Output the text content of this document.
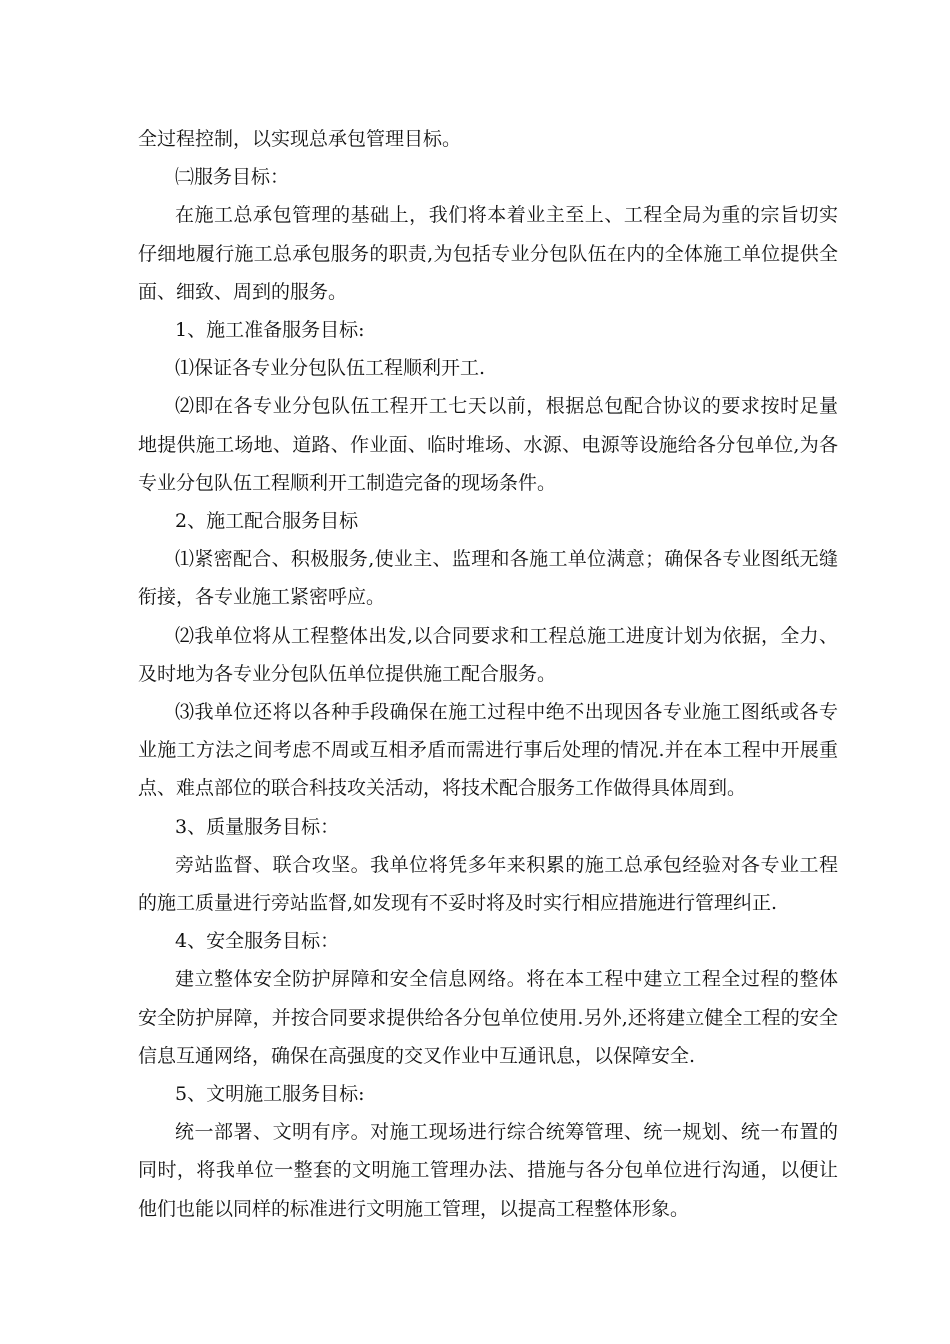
全过程控制，以实现总承包管理目标。

㈡服务目标：

在施工总承包管理的基础上，我们将本着业主至上、工程全局为重的宗旨切实仔细地履行施工总承包服务的职责,为包括专业分包队伍在内的全体施工单位提供全面、细致、周到的服务。

1、施工准备服务目标:

⑴保证各专业分包队伍工程顺利开工.

⑵即在各专业分包队伍工程开工七天以前，根据总包配合协议的要求按时足量地提供施工场地、道路、作业面、临时堆场、水源、电源等设施给各分包单位,为各专业分包队伍工程顺利开工制造完备的现场条件。

2、施工配合服务目标

⑴紧密配合、积极服务,使业主、监理和各施工单位满意；确保各专业图纸无缝衔接，各专业施工紧密呼应。

⑵我单位将从工程整体出发,以合同要求和工程总施工进度计划为依据，全力、及时地为各专业分包队伍单位提供施工配合服务。

⑶我单位还将以各种手段确保在施工过程中绝不出现因各专业施工图纸或各专业施工方法之间考虑不周或互相矛盾而需进行事后处理的情况.并在本工程中开展重点、难点部位的联合科技攻关活动，将技术配合服务工作做得具体周到。

3、质量服务目标：

旁站监督、联合攻坚。我单位将凭多年来积累的施工总承包经验对各专业工程的施工质量进行旁站监督,如发现有不妥时将及时实行相应措施进行管理纠正.

4、安全服务目标：

建立整体安全防护屏障和安全信息网络。将在本工程中建立工程全过程的整体安全防护屏障，并按合同要求提供给各分包单位使用.另外,还将建立健全工程的安全信息互通网络，确保在高强度的交叉作业中互通讯息，以保障安全.

5、文明施工服务目标:

统一部署、文明有序。对施工现场进行综合统筹管理、统一规划、统一布置的同时，将我单位一整套的文明施工管理办法、措施与各分包单位进行沟通，以便让他们也能以同样的标准进行文明施工管理，以提高工程整体形象。
